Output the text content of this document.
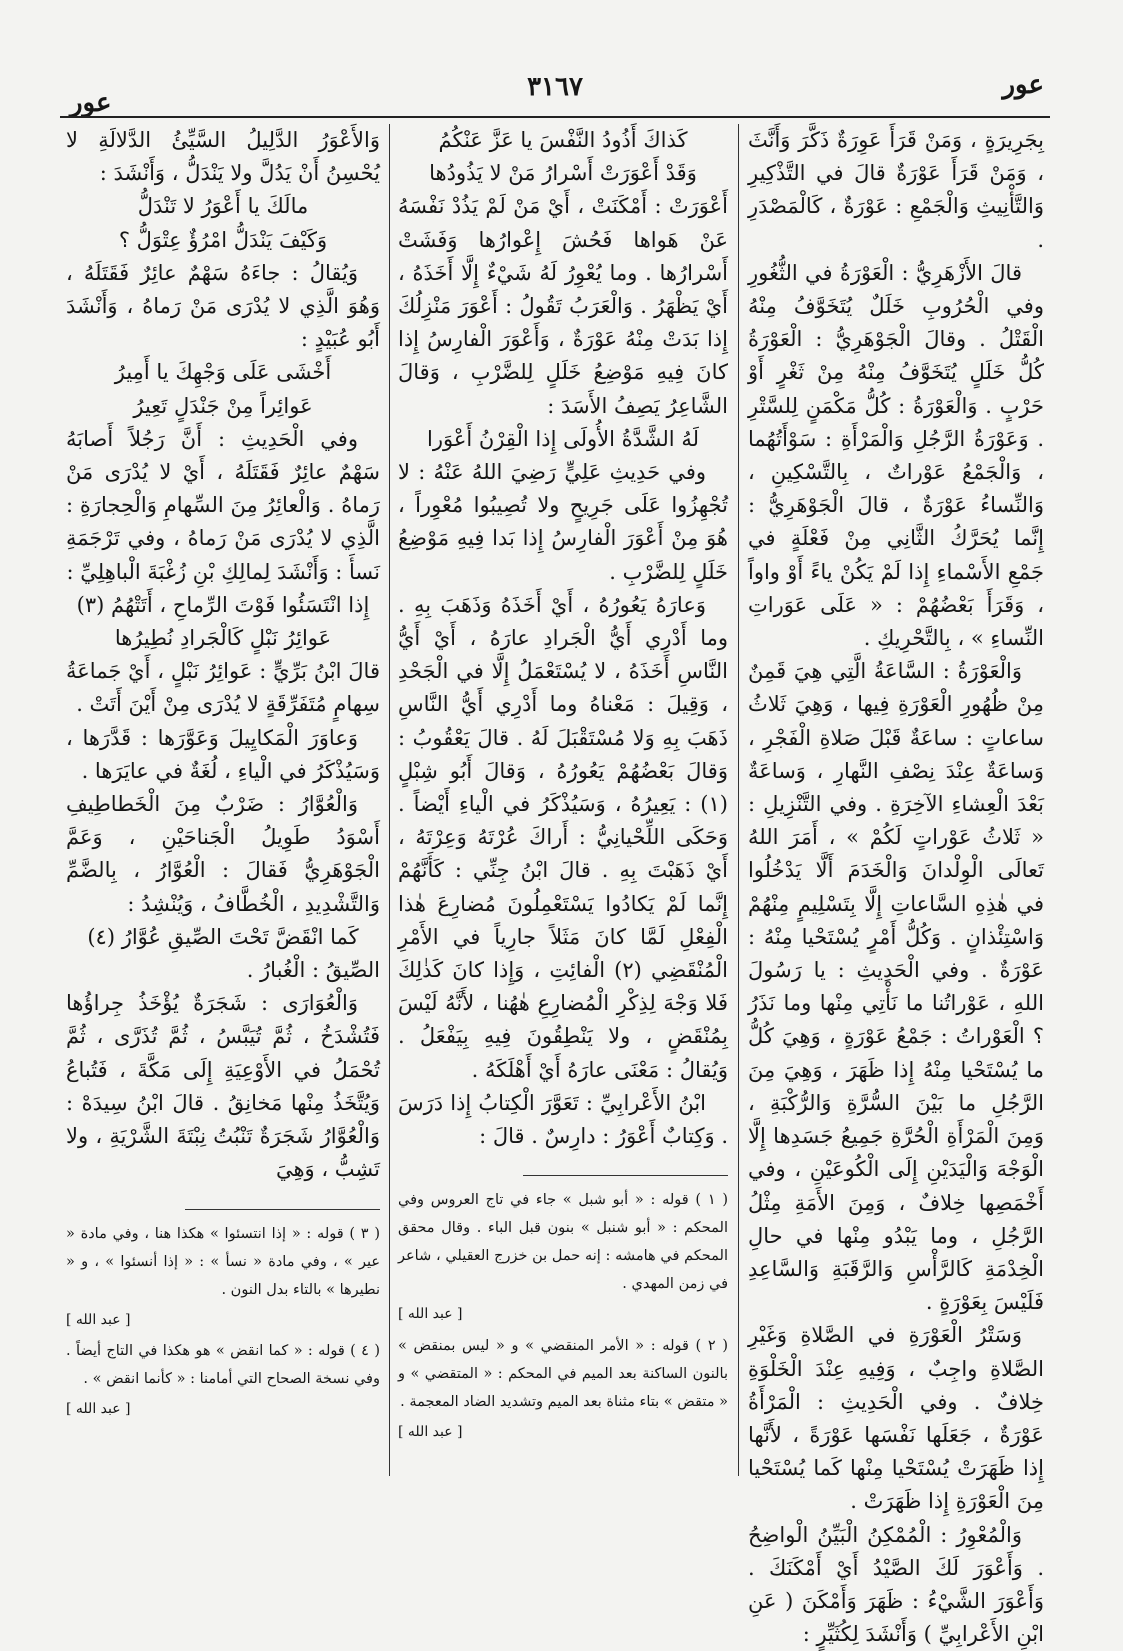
عور
٣١٦٧
عور

بِجَرِيرَةٍ ، وَمَنْ قَرَأَ عَوِرَةٌ ذَكَّرَ وَأَنَّثَ ، وَمَنْ قَرَأَ عَوْرَةٌ قالَ في التَّذْكِيرِ وَالتَّأْنِيثِ وَالْجَمْعِ : عَوْرَةٌ ، كَالْمَصْدَرِ .

قالَ الأَزْهَرِيُّ : الْعَوْرَةُ في الثُّغُورِ وفي الْحُرُوبِ خَلَلٌ يُتَخَوَّفُ مِنْهُ الْقَتْلُ . وقالَ الْجَوْهَرِيُّ : الْعَوْرَةُ كُلُّ خَلَلٍ يُتَخَوَّفُ مِنْهُ مِنْ ثَغْرٍ أَوْ حَرْبٍ . وَالْعَوْرَةُ : كُلُّ مَكْمَنٍ لِلسَّتْرِ . وَعَوْرَةُ الرَّجُلِ وَالْمَرْأَةِ : سَوْأَتُهُما ، وَالْجَمْعُ عَوْراتٌ ، بِالتَّسْكِينِ ، وَالنِّساءُ عَوْرَةٌ ، قالَ الْجَوْهَرِيُّ : إِنَّما يُحَرَّكُ الثَّانِي مِنْ فَعْلَةٍ في جَمْعِ الأَسْماءِ إِذا لَمْ يَكُنْ ياءً أَوْ واواً ، وَقَرَأَ بَعْضُهُمْ : « عَلَى عَوَراتِ النِّساءِ » ، بِالتَّحْرِيكِ .

وَالْعَوْرَةُ : السَّاعَةُ الَّتِي هِيَ قَمِنٌ مِنْ ظُهُورِ الْعَوْرَةِ فِيها ، وَهِيَ ثَلاثُ ساعاتٍ : ساعَةٌ قَبْلَ صَلاةِ الْفَجْرِ ، وَساعَةٌ عِنْدَ نِصْفِ النَّهارِ ، وَساعَةٌ بَعْدَ الْعِشاءِ الآخِرَةِ . وفي التَّنْزِيلِ : « ثَلاثُ عَوْراتٍ لَكُمْ » ، أَمَرَ اللهُ تَعالَى الْوِلْدانَ وَالْخَدَمَ أَلَّا يَدْخُلُوا في هٰذِهِ السَّاعاتِ إِلَّا بِتَسْلِيمٍ مِنْهُمْ وَاسْتِئْذانٍ . وَكُلُّ أَمْرٍ يُسْتَحْيا مِنْهُ : عَوْرَةٌ . وفي الْحَدِيثِ : يا رَسُولَ اللهِ ، عَوْراتُنا ما نَأْتِي مِنْها وما نَذَرُ ؟ الْعَوْراتُ : جَمْعُ عَوْرَةٍ ، وَهِيَ كُلُّ ما يُسْتَحْيا مِنْهُ إِذا ظَهَرَ ، وَهِيَ مِنَ الرَّجُلِ ما بَيْنَ السُّرَّةِ وَالرُّكْبَةِ ، وَمِنَ الْمَرْأَةِ الْحُرَّةِ جَمِيعُ جَسَدِها إِلَّا الْوَجْهَ وَالْيَدَيْنِ إِلَى الْكُوعَيْنِ ، وفي أَخْمَصِها خِلافٌ ، وَمِنَ الأَمَةِ مِثْلُ الرَّجُلِ ، وما يَبْدُو مِنْها في حالِ الْخِدْمَةِ كَالرَّأْسِ وَالرَّقَبَةِ وَالسَّاعِدِ فَلَيْسَ بِعَوْرَةٍ .

وَسَتْرُ الْعَوْرَةِ في الصَّلاةِ وَغَيْرِ الصَّلاةِ واجِبٌ ، وَفِيهِ عِنْدَ الْخَلْوَةِ خِلافٌ . وفي الْحَدِيثِ : الْمَرْأَةُ عَوْرَةٌ ، جَعَلَها نَفْسَها عَوْرَةً ، لأَنَّها إِذا ظَهَرَتْ يُسْتَحْيا مِنْها كَما يُسْتَحْيا مِنَ الْعَوْرَةِ إِذا ظَهَرَتْ .

وَالْمُعْوِرُ : الْمُمْكِنُ الْبَيِّنُ الْواضِحُ . وَأَعْوَرَ لَكَ الصَّيْدُ أَيْ أَمْكَنَكَ . وَأَعْوَرَ الشَّيْءُ : ظَهَرَ وَأَمْكَنَ ( عَنِ ابْنِ الأَعْرابِيِّ ) وَأَنْشَدَ لِكُثَيِّرٍ :

كَذاكَ أَذُودُ النَّفْسَ يا عَزَّ عَنْكُمُ

وَقَدْ أَعْوَرَتْ أَسْرارُ مَنْ لا يَذُودُها

أَعْوَرَتْ : أَمْكَنَتْ ، أَيْ مَنْ لَمْ يَذُدْ نَفْسَهُ عَنْ هَواها فَحُشَ إِعْوارُها وَفَشَتْ أَسْرارُها . وما يُعْوِرُ لَهُ شَيْءٌ إِلَّا أَخَذَهُ ، أَيْ يَظْهَرُ . وَالْعَرَبُ تَقُولُ : أَعْوَرَ مَنْزِلُكَ إِذا بَدَتْ مِنْهُ عَوْرَةٌ ، وَأَعْوَرَ الْفارِسُ إِذا كانَ فِيهِ مَوْضِعُ خَلَلٍ لِلضَّرْبِ ، وَقالَ الشَّاعِرُ يَصِفُ الأَسَدَ :

لَهُ الشَّدَّةُ الأُولَى إِذا الْقِرْنُ أَعْوَرا

وفي حَدِيثِ عَلِيٍّ رَضِيَ اللهُ عَنْهُ : لا تُجْهِزُوا عَلَى جَرِيحٍ ولا تُصِيبُوا مُعْوِراً ، هُوَ مِنْ أَعْوَرَ الْفارِسُ إِذا بَدا فِيهِ مَوْضِعُ خَلَلٍ لِلضَّرْبِ .

وَعارَهُ يَعُورُهُ ، أَيْ أَخَذَهُ وَذَهَبَ بِهِ . وما أَدْرِي أَيُّ الْجَرادِ عارَهُ ، أَيْ أَيُّ النَّاسِ أَخَذَهُ ، لا يُسْتَعْمَلُ إِلَّا في الْجَحْدِ ، وَقِيلَ : مَعْناهُ وما أَدْرِي أَيُّ النَّاسِ ذَهَبَ بِهِ وَلا مُسْتَقْبَلَ لَهُ . قالَ يَعْقُوبُ : وَقالَ بَعْضُهُمْ يَعُورُهُ ، وَقالَ أَبُو شِبْلٍ (١) : يَعِيرُهُ ، وَسَيُذْكَرُ في الْياءِ أَيْضاً . وَحَكَى اللِّحْيانِيُّ : أَراكَ عُرْتَهُ وَعِرْتَهُ ، أَيْ ذَهَبْتَ بِهِ . قالَ ابْنُ جِنِّي : كَأَنَّهُمْ إِنَّما لَمْ يَكادُوا يَسْتَعْمِلُونَ مُضارِعَ هٰذا الْفِعْلِ لَمَّا كانَ مَثَلاً جارِياً في الأَمْرِ الْمُنْقَضِي (٢) الْفائِتِ ، وَإِذا كانَ كَذٰلِكَ فَلا وَجْهَ لِذِكْرِ الْمُضارِعِ هٰهُنا ، لأَنَّهُ لَيْسَ بِمُنْقَضٍ ، ولا يَنْطِقُونَ فِيهِ بِيَفْعَلُ . وَيُقالُ : مَعْنَى عارَهُ أَيْ أَهْلَكَهُ .

ابْنُ الأَعْرابِيِّ : تَعَوَّرَ الْكِتابُ إِذا دَرَسَ . وَكِتابٌ أَعْوَرُ : دارِسٌ . قالَ :

( ١ ) قوله : « أبو شبل » جاء في تاج العروس وفي المحكم : « أبو شنبل » بنون قبل الباء . وقال محقق المحكم في هامشه : إنه حمل بن خزرج العقيلي ، شاعر في زمن المهدي .

[ عبد الله ]

( ٢ ) قوله : « الأمر المنقضي » و « ليس بمنقض » بالنون الساكنة بعد الميم في المحكم : « المتقضي » و « متقض » بتاء مثناة بعد الميم وتشديد الضاد المعجمة .

[ عبد الله ]

وَالأَعْوَرُ الدَّلِيلُ السَّيِّئُ الدَّلالَةِ لا يُحْسِنُ أَنْ يَدُلَّ ولا يَنْدَلُّ ، وَأَنْشَدَ :

مالَكَ يا أَعْوَرُ لا تَنْدَلُّ

وَكَيْفَ يَنْدَلُّ امْرُؤٌ عِتْوَلُّ ؟

وَيُقالُ : جاءَهُ سَهْمٌ عائِرٌ فَقَتَلَهُ ، وَهُوَ الَّذِي لا يُدْرَى مَنْ رَماهُ ، وَأَنْشَدَ أَبُو عُبَيْدٍ :

أَخْشَى عَلَى وَجْهِكَ يا أَمِيرُ

عَوائِراً مِنْ جَنْدَلٍ تَعِيرُ

وفي الْحَدِيثِ : أَنَّ رَجُلاً أَصابَهُ سَهْمٌ عائِرٌ فَقَتَلَهُ ، أَيْ لا يُدْرَى مَنْ رَماهُ . وَالْعائِرُ مِنَ السِّهامِ وَالْحِجارَةِ : الَّذِي لا يُدْرَى مَنْ رَماهُ ، وفي تَرْجَمَةِ نَسأَ : وَأَنْشَدَ لِمالِكِ بْنِ زُغْبَةَ الْباهِلِيِّ :

إِذا انْتَسَئُوا فَوْتَ الرِّماحِ ، أَتَتْهُمُ (٣)

عَوائِرُ نَبْلٍ كَالْجَرادِ نُطِيرُها

قالَ ابْنُ بَرِّيٍّ : عَوائِرُ نَبْلٍ ، أَيْ جَماعَةُ سِهامٍ مُتَفَرِّقَةٍ لا يُدْرَى مِنْ أَيْنَ أَتَتْ .

وَعاوَرَ الْمَكايِيلَ وَعَوَّرَها : قَدَّرَها ، وَسَيُذْكَرُ في الْياءِ ، لُغَةٌ في عايَرَها .

وَالْعُوَّارُ : ضَرْبٌ مِنَ الْخَطاطِيفِ أَسْوَدُ طَوِيلُ الْجَناحَيْنِ ، وَعَمَّ الْجَوْهَرِيُّ فَقالَ : الْعُوَّارُ ، بِالضَّمِّ وَالتَّشْدِيدِ ، الْخُطَّافُ ، وَيُنْشِدُ :

كَما انْقَضَّ تَحْتَ الصِّيقِ عُوَّارُ (٤)

الصِّيقُ : الْغُبارُ .

وَالْعُوَارَى : شَجَرَةٌ يُؤْخَذُ جِراؤُها فَتُشْدَخُ ، ثُمَّ تُيَبَّسُ ، ثُمَّ تُذَرَّى ، ثُمَّ تُحْمَلُ في الأَوْعِيَةِ إِلَى مَكَّةَ ، فَتُباعُ وَيُتَّخَذُ مِنْها مَخانِقُ . قالَ ابْنُ سِيدَهْ : وَالْعُوَّارُ شَجَرَةٌ تَنْبُتُ نِبْتَةَ الشَّرْيَةِ ، ولا تَشِبُّ ، وَهِيَ

( ٣ ) قوله : « إذا انتسئوا » هكذا هنا ، وفي مادة « عير » ، وفي مادة « نسأ » : « إذا أنسئوا » ، و « نطيرها » بالتاء بدل النون .

[ عبد الله ]

( ٤ ) قوله : « كما انقض » هو هكذا في التاج أيضاً . وفي نسخة الصحاح التي أمامنا : « كأنما انقض » .

[ عبد الله ]
